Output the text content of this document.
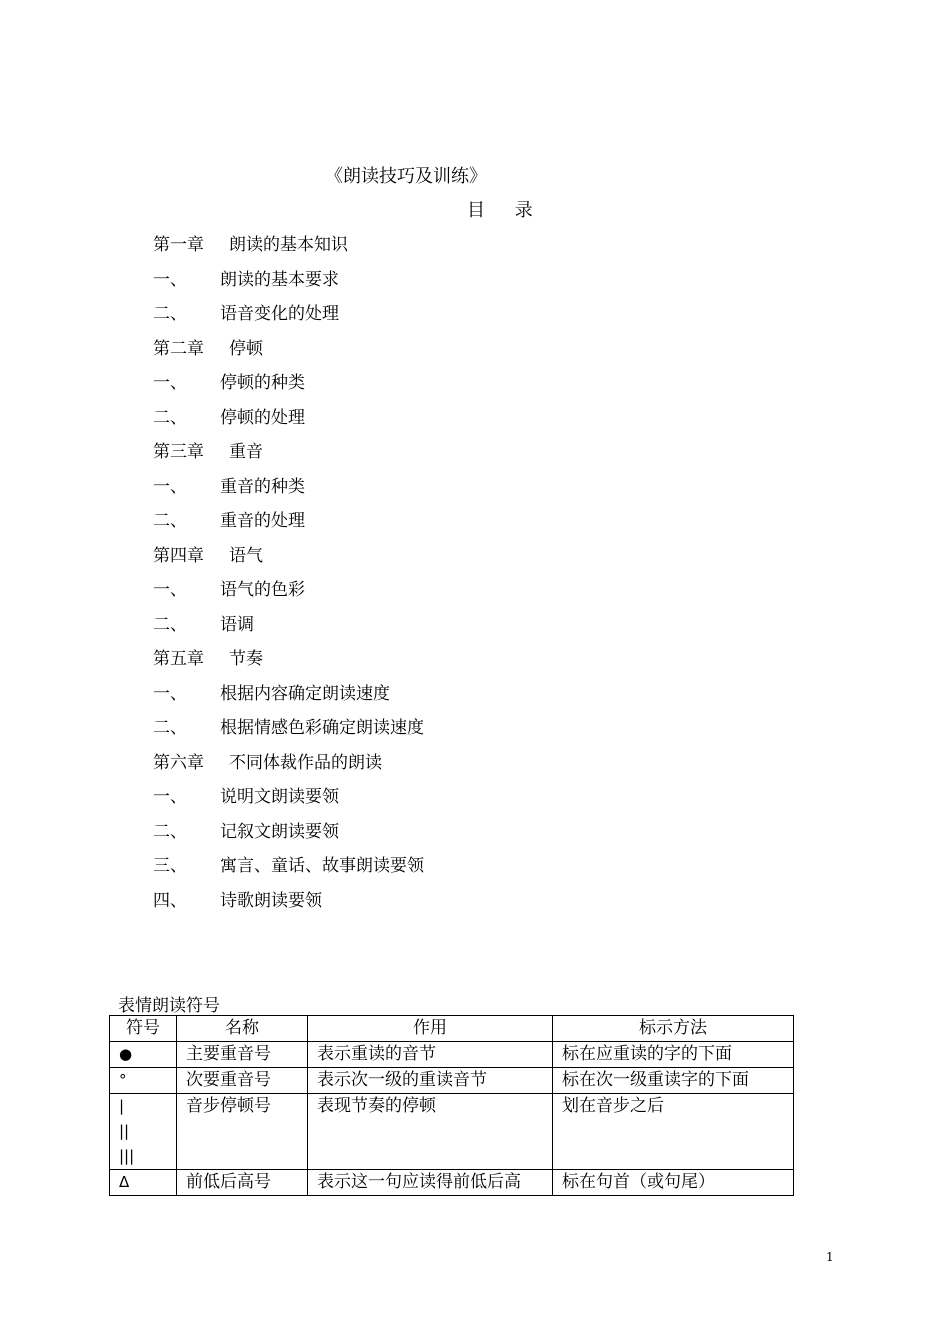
《朗读技巧及训练》
目 录
第一章	朗读的基本知识
一、	朗读的基本要求
二、	语音变化的处理
第二章	停顿
一、	停顿的种类
二、	停顿的处理
第三章	重音
一、	重音的种类
二、	重音的处理
第四章	语气
一、	语气的色彩
二、	语调
第五章	节奏
一、	根据内容确定朗读速度
二、	根据情感色彩确定朗读速度
第六章	不同体裁作品的朗读
一、	说明文朗读要领
二、	记叙文朗读要领
三、	寓言、童话、故事朗读要领
四、	诗歌朗读要领
表情朗读符号
符号	名称	作用	标示方法
●	主要重音号	表示重读的音节	标在应重读的字的下面
°	次要重音号	表示次一级的重读音节	标在次一级重读字的下面

|
||
|||	音步停顿号	表现节奏的停顿	划在音步之后
Δ	前低后高号	表示这一句应读得前低后高	标在句首（或句尾）
1
